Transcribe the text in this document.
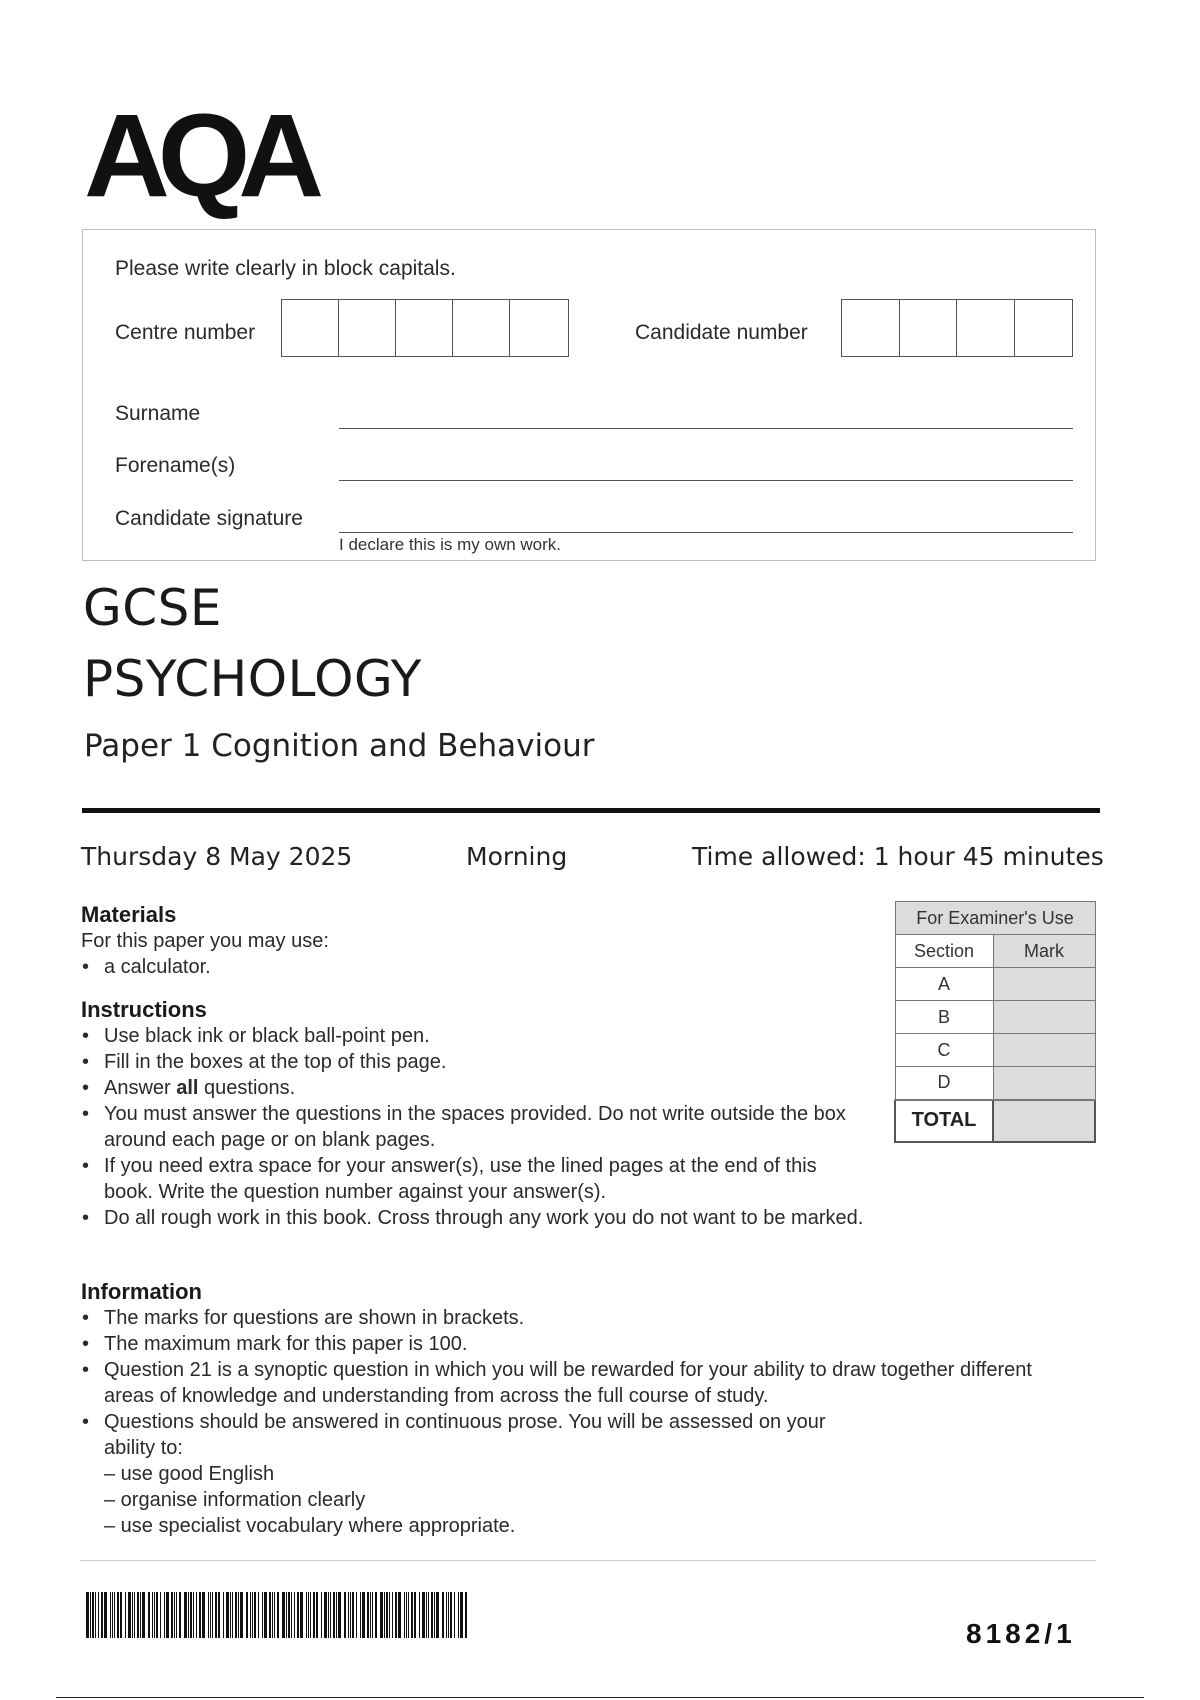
AQA
Please write clearly in block capitals.
Centre number	Candidate number
Surname
Forename(s)
Candidate signature
I declare this is my own work.
GCSE
PSYCHOLOGY
Paper 1 Cognition and Behaviour
Thursday 8 May 2025	Morning	Time allowed: 1 hour 45 minutes
Materials
For this paper you may use:
• a calculator.
Instructions
• Use black ink or black ball-point pen.
• Fill in the boxes at the top of this page.
• Answer all questions.
• You must answer the questions in the spaces provided. Do not write outside the box around each page or on blank pages.
• If you need extra space for your answer(s), use the lined pages at the end of this book. Write the question number against your answer(s).
• Do all rough work in this book. Cross through any work you do not want to be marked.
Information
• The marks for questions are shown in brackets.
• The maximum mark for this paper is 100.
• Question 21 is a synoptic question in which you will be rewarded for your ability to draw together different areas of knowledge and understanding from across the full course of study.
• Questions should be answered in continuous prose. You will be assessed on your ability to:
– use good English
– organise information clearly
– use specialist vocabulary where appropriate.
For Examiner's Use	
Section	Mark
A	
B	
C	
D	
TOTAL	
8182/1
